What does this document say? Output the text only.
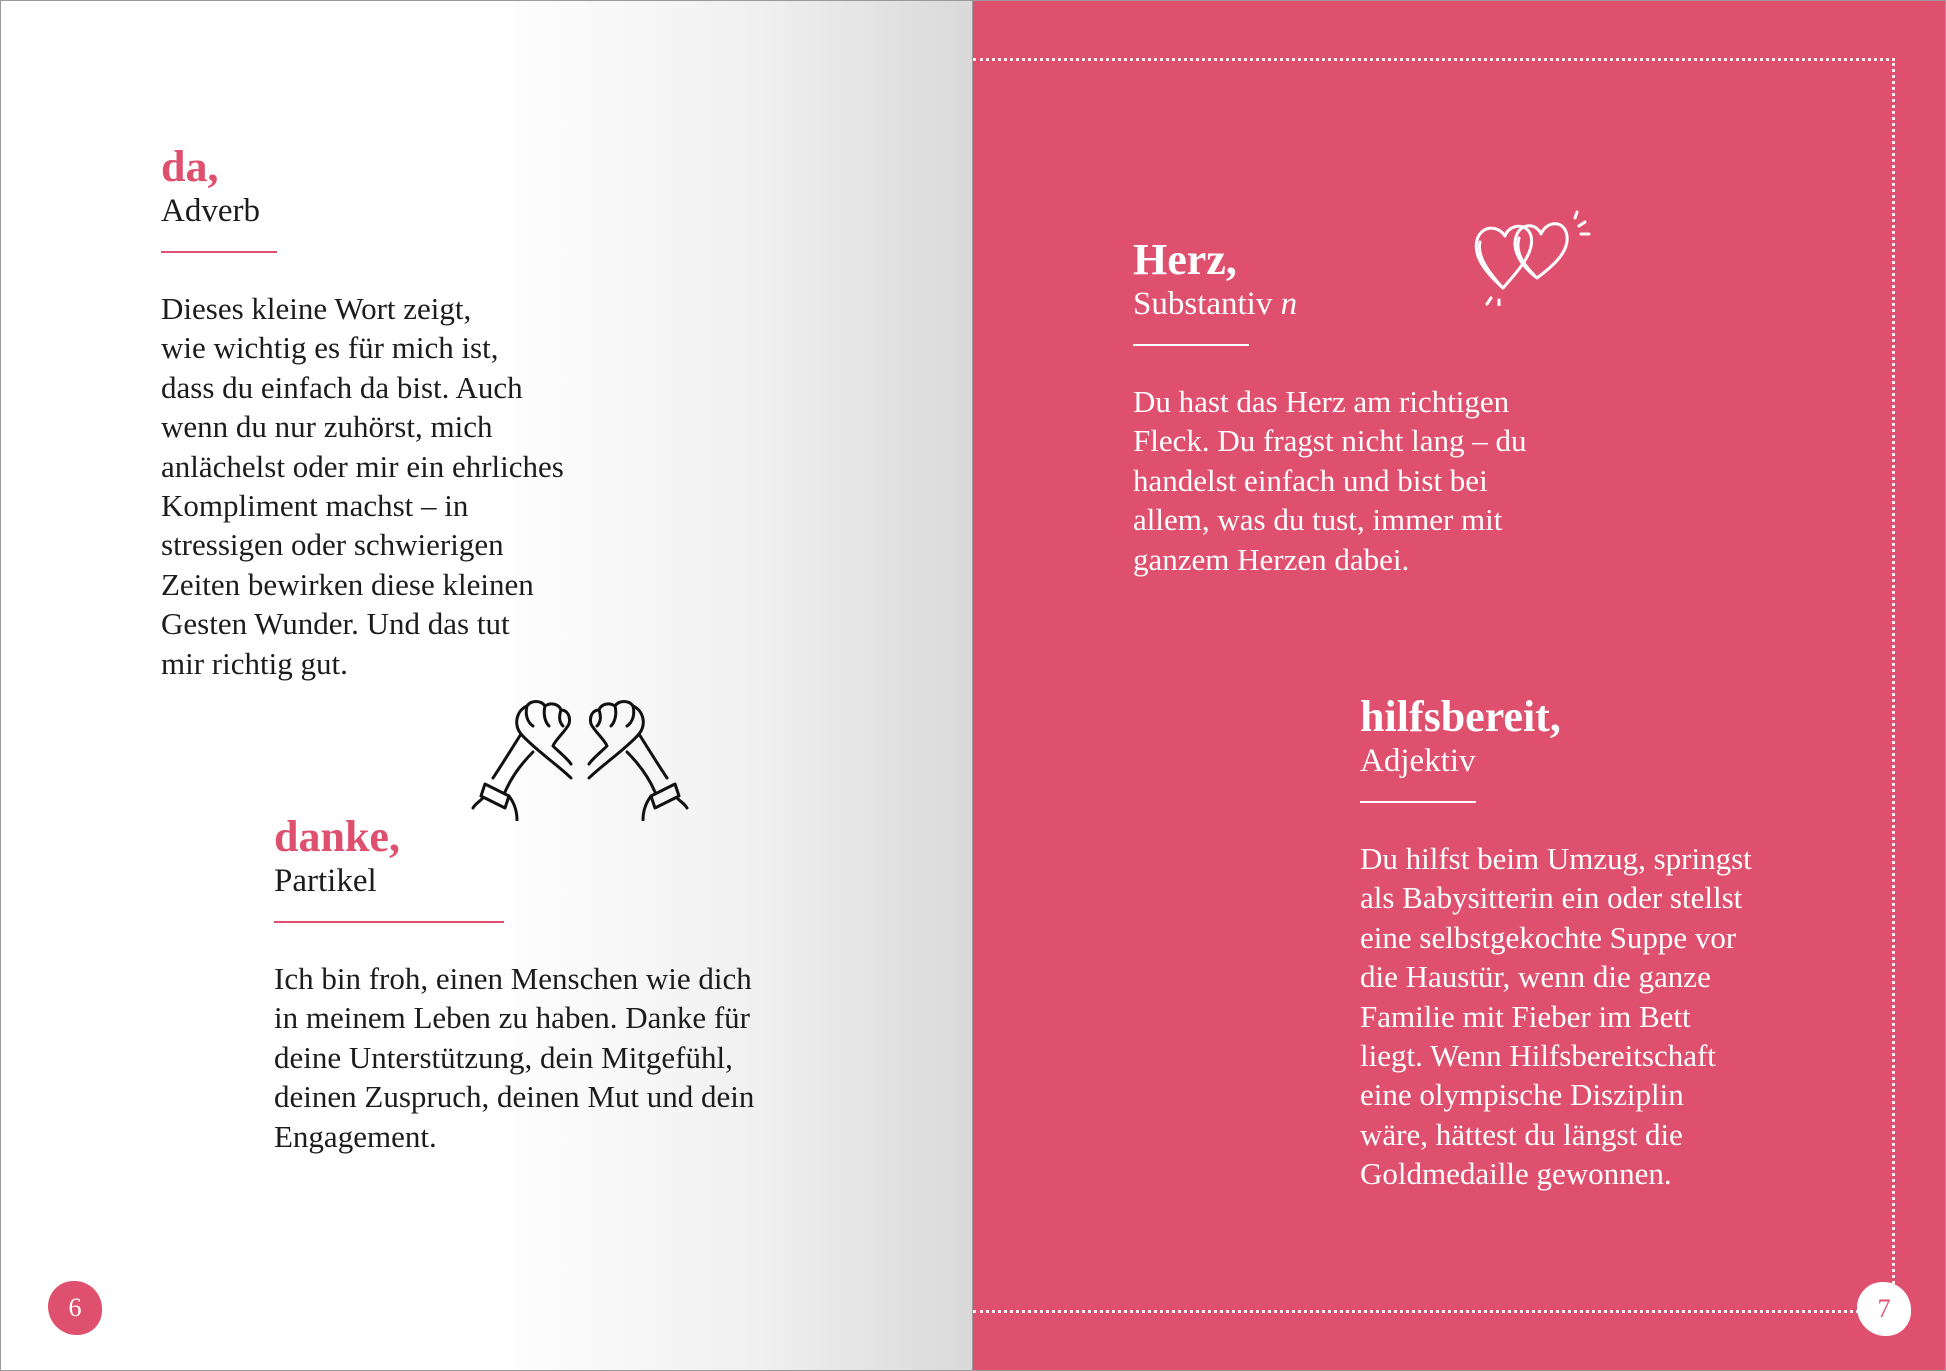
da,
Adverb
Dieses kleine Wort zeigt,
wie wichtig es für mich ist,
dass du einfach da bist. Auch
wenn du nur zuhörst, mich
anlächelst oder mir ein ehrliches
Kompliment machst – in
stressigen oder schwierigen
Zeiten bewirken diese kleinen
Gesten Wunder. Und das tut
mir richtig gut.
danke,
Partikel
Ich bin froh, einen Menschen wie dich
in meinem Leben zu haben. Danke für
deine Unterstützung, dein Mitgefühl,
deinen Zuspruch, deinen Mut und dein
Engagement.
6
Herz,
Substantiv n
Du hast das Herz am richtigen
Fleck. Du fragst nicht lang – du
handelst einfach und bist bei
allem, was du tust, immer mit
ganzem Herzen dabei.
hilfsbereit,
Adjektiv
Du hilfst beim Umzug, springst
als Babysitterin ein oder stellst
eine selbstgekochte Suppe vor
die Haustür, wenn die ganze
Familie mit Fieber im Bett
liegt. Wenn Hilfsbereitschaft
eine olympische Disziplin
wäre, hättest du längst die
Goldmedaille gewonnen.
7
